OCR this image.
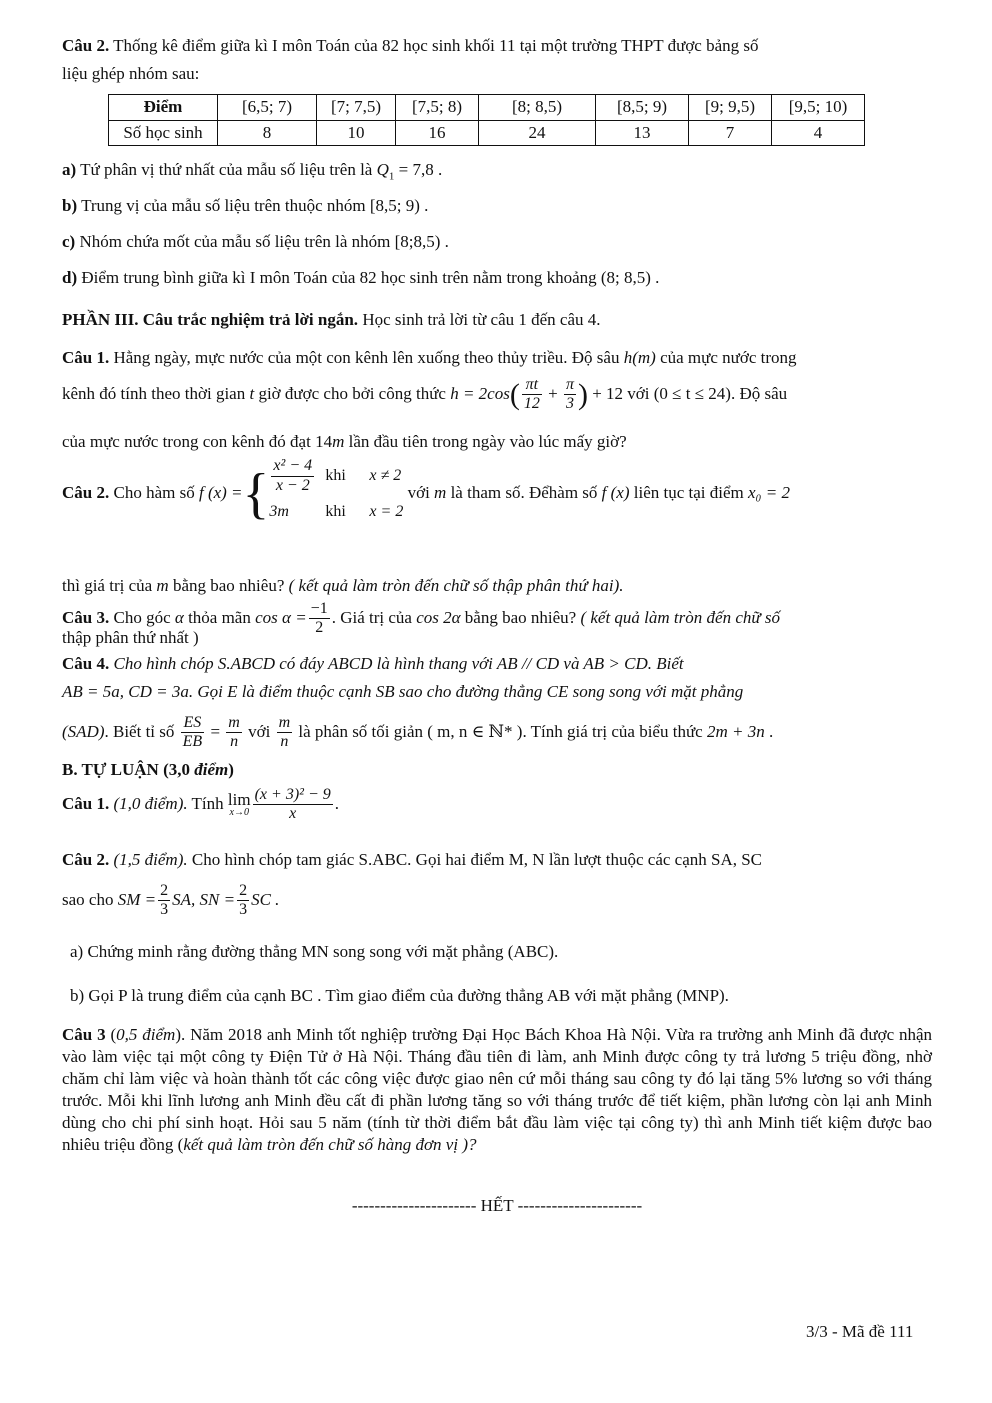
Câu 2. Thống kê điểm giữa kì I môn Toán của 82 học sinh khối 11 tại một trường THPT được bảng số
liệu ghép nhóm sau:
Điểm	[6,5; 7)	[7; 7,5)	[7,5; 8)	[8; 8,5)	[8,5; 9)	[9; 9,5)	[9,5; 10)
Số học sinh	8	10	16	24	13	7	4
a) Tứ phân vị thứ nhất của mẫu số liệu trên là $Q_1 = 7,8$ .
b) Trung vị của mẫu số liệu trên thuộc nhóm [8,5; 9) .
c) Nhóm chứa mốt của mẫu số liệu trên là nhóm [8;8,5) .
d) Điểm trung bình giữa kì I môn Toán của 82 học sinh trên nằm trong khoảng (8; 8,5) .
PHẦN III. Câu trắc nghiệm trả lời ngắn. Học sinh trả lời từ câu 1 đến câu 4.
Câu 1. Hằng ngày, mực nước của một con kênh lên xuống theo thủy triều. Độ sâu h(m) của mực nước trong
kênh đó tính theo thời gian t giờ được cho bởi công thức $h = 2\cos( \frac{\pi t}{12} + \frac{\pi}{3}$ ) + 12 với (0 ≤ t ≤ 24). Độ sâu
của mực nước trong con kênh đó đạt 14m lần đầu tiên trong ngày vào lúc mấy giờ?
Câu 2. Cho hàm số f (x) ={ $\frac{\text{x² − 4}}{x - 2}$ khi	x ≠ 2
3m	khi	x = 2
với m là tham số. Đểhàm số f (x) liên tục tại điểm x₀ = 2
thì giá trị của m bằng bao nhiêu? ( kết quả làm tròn đến chữ số thập phân thứ hai).
Câu 3. Cho góc α thỏa mãn $\cos \alpha = \frac{-1}{2}$ . Giá trị của cos 2α bằng bao nhiêu? ( kết quả làm tròn đến chữ số
thập phân thứ nhất )
Câu 4. Cho hình chóp S.ABCD có đáy ABCD là hình thang với AB // CD và AB > CD. Biết
AB = 5a, CD = 3a. Gọi E là điểm thuộc cạnh SB sao cho đường thẳng CE song song với mặt phẳng
(SAD). Biết tỉ số $\frac{ES}{EB} = \frac{m}{n}$ với $\frac{m}{n}$ là phân số tối giản ( m, n ∈ ℕ* ). Tính giá trị của biểu thức 2m + 3n .
B. TỰ LUẬN (3,0 điểm)
Câu 1. (1,0 điểm). Tính lim
$x\to 0 \frac{\text{(x + 3)² − 9}}{x}$ .
Câu 2. (1,5 điểm). Cho hình chóp tam giác S.ABC. Gọi hai điểm M, N lần lượt thuộc các cạnh SA, SC
sao cho SM = $\frac{2}{3}$ SA, SN = $\frac{2}{3}$ SC .
a) Chứng minh rằng đường thẳng MN song song với mặt phẳng (ABC).
b) Gọi P là trung điểm của cạnh BC . Tìm giao điểm của đường thẳng AB với mặt phẳng (MNP).
Câu 3 (0,5 điểm). Năm 2018 anh Minh tốt nghiệp trường Đại Học Bách Khoa Hà Nội. Vừa ra trường anh Minh đã được nhận vào làm việc tại một công ty Điện Tử ở Hà Nội. Tháng đầu tiên đi làm, anh Minh được công ty trả lương 5 triệu đồng, nhờ chăm chỉ làm việc và hoàn thành tốt các công việc được giao nên cứ mỗi tháng sau công ty đó lại tăng 5% lương so với tháng trước. Mỗi khi lĩnh lương anh Minh đều cất đi phần lương tăng so với tháng trước để tiết kiệm, phần lương còn lại anh Minh dùng cho chi phí sinh hoạt. Hỏi sau 5 năm (tính từ thời điểm bắt đầu làm việc tại công ty) thì anh Minh tiết kiệm được bao nhiêu triệu đồng (kết quả làm tròn đến chữ số hàng đơn vị )?
---------------------- HẾT ----------------------
3/3 - Mã đề 111
